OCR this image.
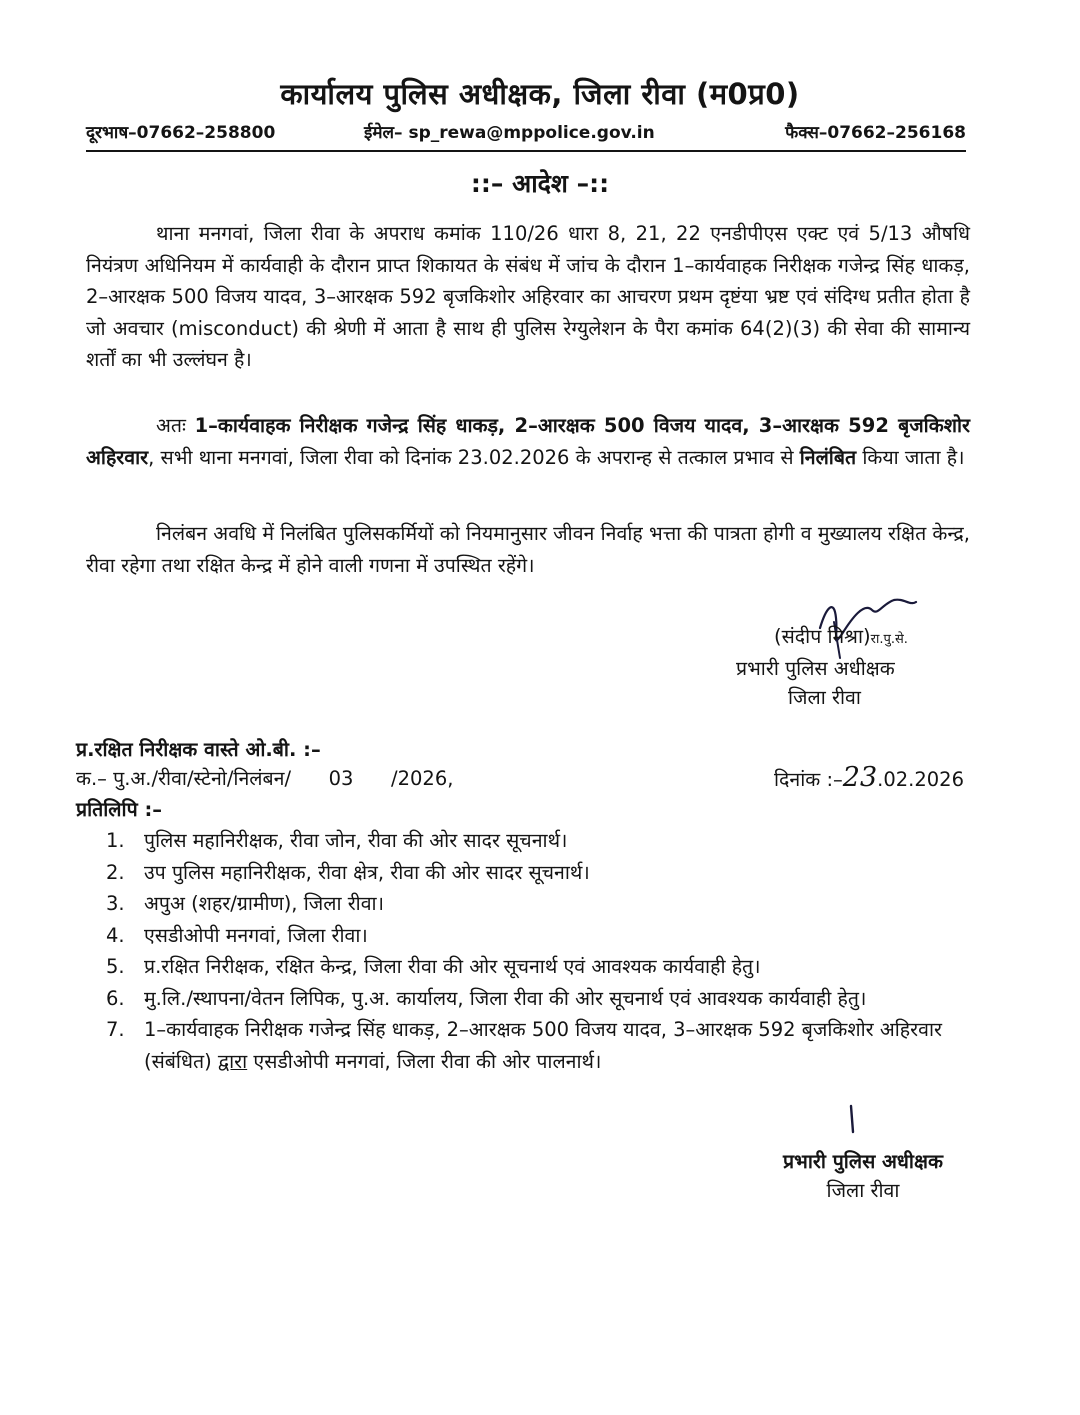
कार्यालय पुलिस अधीक्षक, जिला रीवा (म0प्र0)
दूरभाष–07662–258800	ईमेल– sp_rewa@mppolice.gov.in	फैक्स–07662–256168
::– आदेश –::
थाना मनगवां, जिला रीवा के अपराध कमांक 110/26 धारा 8, 21, 22 एनडीपीएस एक्ट एवं 5/13 औषधि नियंत्रण अधिनियम में कार्यवाही के दौरान प्राप्त शिकायत के संबंध में जांच के दौरान 1–कार्यवाहक निरीक्षक गजेन्द्र सिंह धाकड़, 2–आरक्षक 500 विजय यादव, 3–आरक्षक 592 बृजकिशोर अहिरवार का आचरण प्रथम दृष्टंया भ्रष्ट एवं संदिग्ध प्रतीत होता है जो अवचार (misconduct) की श्रेणी में आता है साथ ही पुलिस रेग्युलेशन के पैरा कमांक 64(2)(3) की सेवा की सामान्य शर्तों का भी उल्लंघन है।
अतः 1–कार्यवाहक निरीक्षक गजेन्द्र सिंह धाकड़, 2–आरक्षक 500 विजय यादव, 3–आरक्षक 592 बृजकिशोर अहिरवार, सभी थाना मनगवां, जिला रीवा को दिनांक 23.02.2026 के अपरान्ह से तत्काल प्रभाव से निलंबित किया जाता है।
निलंबन अवधि में निलंबित पुलिसकर्मियों को नियमानुसार जीवन निर्वाह भत्ता की पात्रता होगी व मुख्यालय रक्षित केन्द्र, रीवा रहेगा तथा रक्षित केन्द्र में होने वाली गणना में उपस्थित रहेंगे।
(संदीप मिश्रा)रा.पु.से.
प्रभारी पुलिस अधीक्षक
जिला रीवा
प्र.रक्षित निरीक्षक वास्ते ओ.बी. :–
क.– पु.अ./रीवा/स्टेनो/निलंबन/ 03 /2026,
प्रतिलिपि :–
दिनांक :–23.02.2026
1. पुलिस महानिरीक्षक, रीवा जोन, रीवा की ओर सादर सूचनार्थ।
2. उप पुलिस महानिरीक्षक, रीवा क्षेत्र, रीवा की ओर सादर सूचनार्थ।
3. अपुअ (शहर/ग्रामीण), जिला रीवा।
4. एसडीओपी मनगवां, जिला रीवा।
5. प्र.रक्षित निरीक्षक, रक्षित केन्द्र, जिला रीवा की ओर सूचनार्थ एवं आवश्यक कार्यवाही हेतु।
6. मु.लि./स्थापना/वेतन लिपिक, पु.अ. कार्यालय, जिला रीवा की ओर सूचनार्थ एवं आवश्यक कार्यवाही हेतु।
7. 1–कार्यवाहक निरीक्षक गजेन्द्र सिंह धाकड़, 2–आरक्षक 500 विजय यादव, 3–आरक्षक 592 बृजकिशोर अहिरवार (संबंधित) द्वारा एसडीओपी मनगवां, जिला रीवा की ओर पालनार्थ।
प्रभारी पुलिस अधीक्षक
जिला रीवा
